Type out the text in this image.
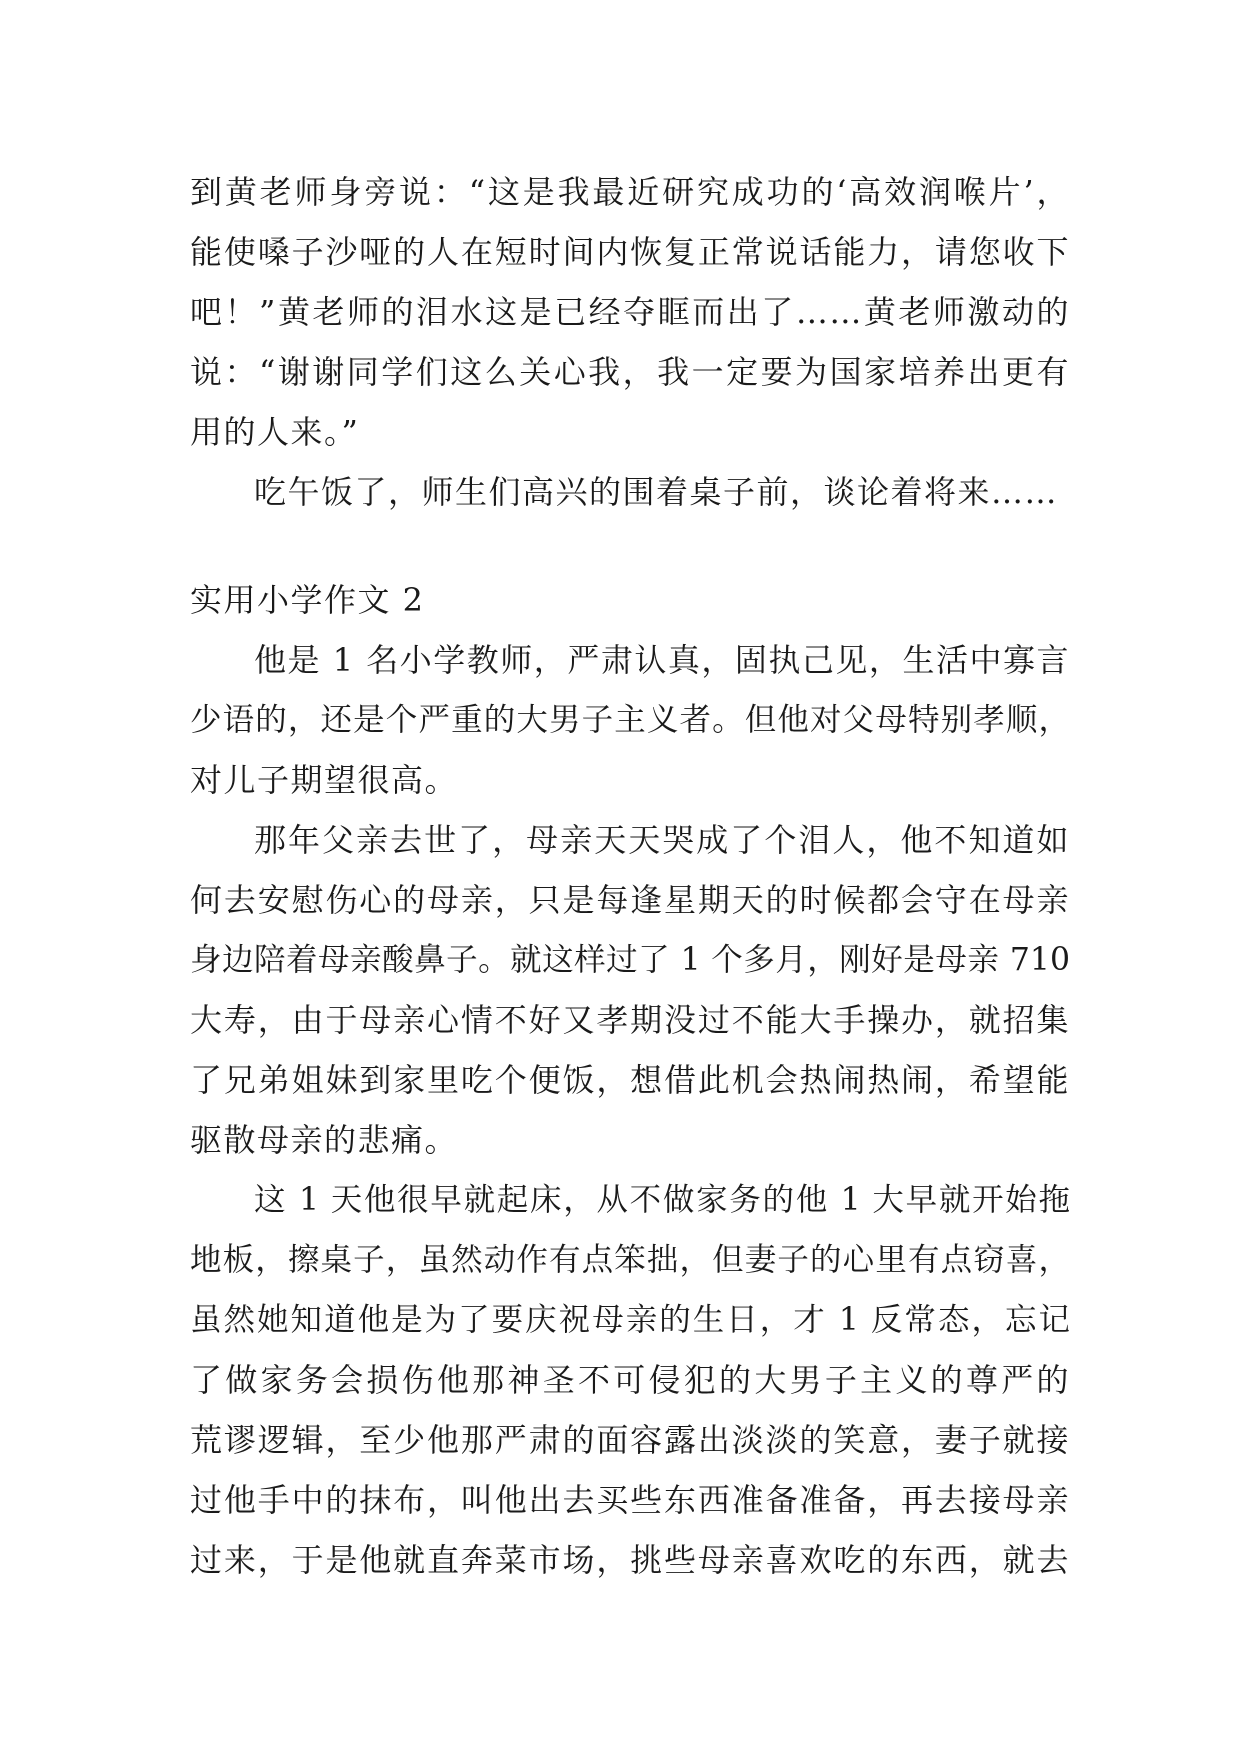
到黄老师身旁说：“这是我最近研究成功的‘高效润喉片’，
能使嗓子沙哑的人在短时间内恢复正常说话能力，请您收下
吧！”黄老师的泪水这是已经夺眶而出了……黄老师激动的
说：“谢谢同学们这么关心我，我一定要为国家培养出更有
用的人来。”
吃午饭了，师生们高兴的围着桌子前，谈论着将来……
实用小学作文 2
他是 1 名小学教师，严肃认真，固执己见，生活中寡言
少语的，还是个严重的大男子主义者。但他对父母特别孝顺，
对儿子期望很高。
那年父亲去世了，母亲天天哭成了个泪人，他不知道如
何去安慰伤心的母亲，只是每逢星期天的时候都会守在母亲
身边陪着母亲酸鼻子。就这样过了 1 个多月，刚好是母亲 710
大寿，由于母亲心情不好又孝期没过不能大手操办，就招集
了兄弟姐妹到家里吃个便饭，想借此机会热闹热闹，希望能
驱散母亲的悲痛。
这 1 天他很早就起床，从不做家务的他 1 大早就开始拖
地板，擦桌子，虽然动作有点笨拙，但妻子的心里有点窃喜，
虽然她知道他是为了要庆祝母亲的生日，才 1 反常态，忘记
了做家务会损伤他那神圣不可侵犯的大男子主义的尊严的
荒谬逻辑，至少他那严肃的面容露出淡淡的笑意，妻子就接
过他手中的抹布，叫他出去买些东西准备准备，再去接母亲
过来，于是他就直奔菜市场，挑些母亲喜欢吃的东西，就去
